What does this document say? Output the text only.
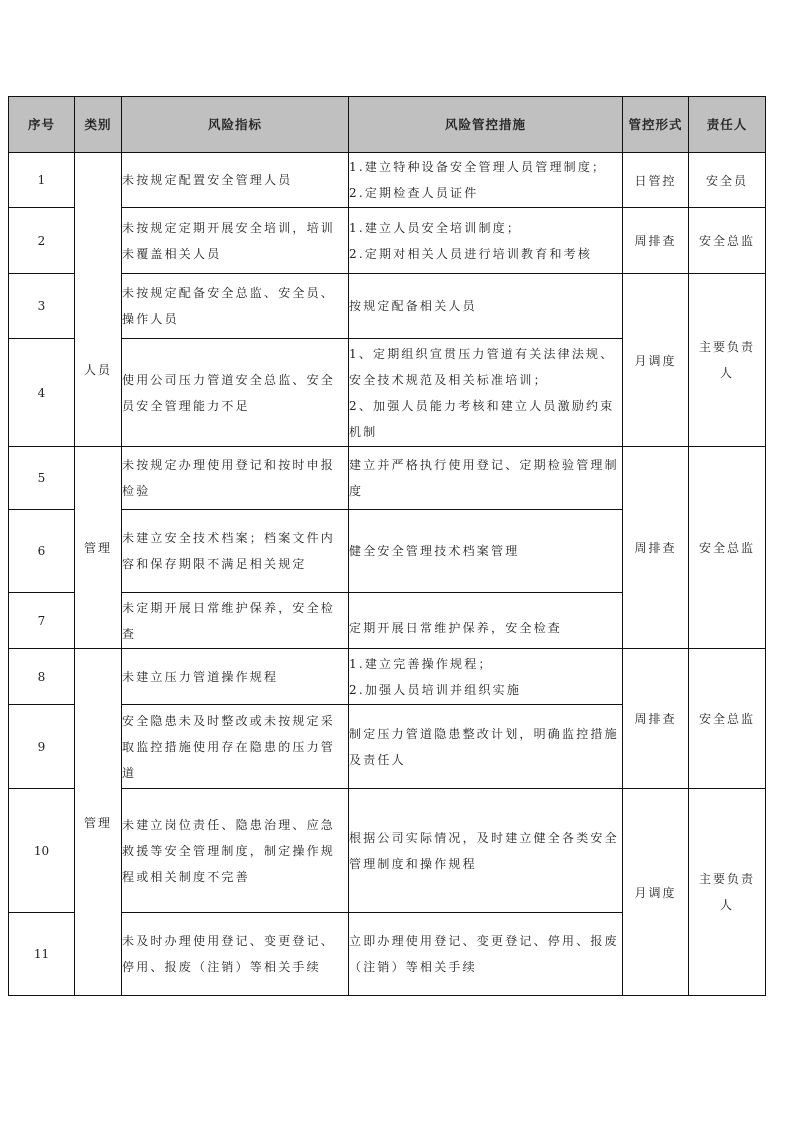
序号	类别	风险指标	风险管控措施	管控形式	责任人
1	人员	未按规定配置安全管理人员	1.建立特种设备安全管理人员管理制度；
2.定期检查人员证件	日管控	安全员
2		未按规定定期开展安全培训，培训未覆盖相关人员	1.建立人员安全培训制度；
2.定期对相关人员进行培训教育和考核	周排查	安全总监
3		未按规定配备安全总监、安全员、操作人员	按规定配备相关人员	月调度	主要负责人

4		使用公司压力管道安全总监、安全员安全管理能力不足	1、定期组织宣贯压力管道有关法律法规、安全技术规范及相关标准培训；
2、加强人员能力考核和建立人员激励约束机制		

5	管理	未按规定办理使用登记和按时申报检验	建立并严格执行使用登记、定期检验管理制度	周排查	安全总监
6		未建立安全技术档案；档案文件内容和保存期限不满足相关规定	健全安全管理技术档案管理		

7		未定期开展日常维护保养，安全检查	定期开展日常维护保养，安全检查		

8	管理	未建立压力管道操作规程	1.建立完善操作规程；
2.加强人员培训并组织实施	周排查	安全总监
9		安全隐患未及时整改或未按规定采取监控措施使用存在隐患的压力管道	制定压力管道隐患整改计划，明确监控措施及责任人		

10		未建立岗位责任、隐患治理、应急救援等安全管理制度，制定操作规程或相关制度不完善	根据公司实际情况，及时建立健全各类安全管理制度和操作规程	月调度	主要负责人

11		未及时办理使用登记、变更登记、停用、报废（注销）等相关手续	立即办理使用登记、变更登记、停用、报废（注销）等相关手续		
